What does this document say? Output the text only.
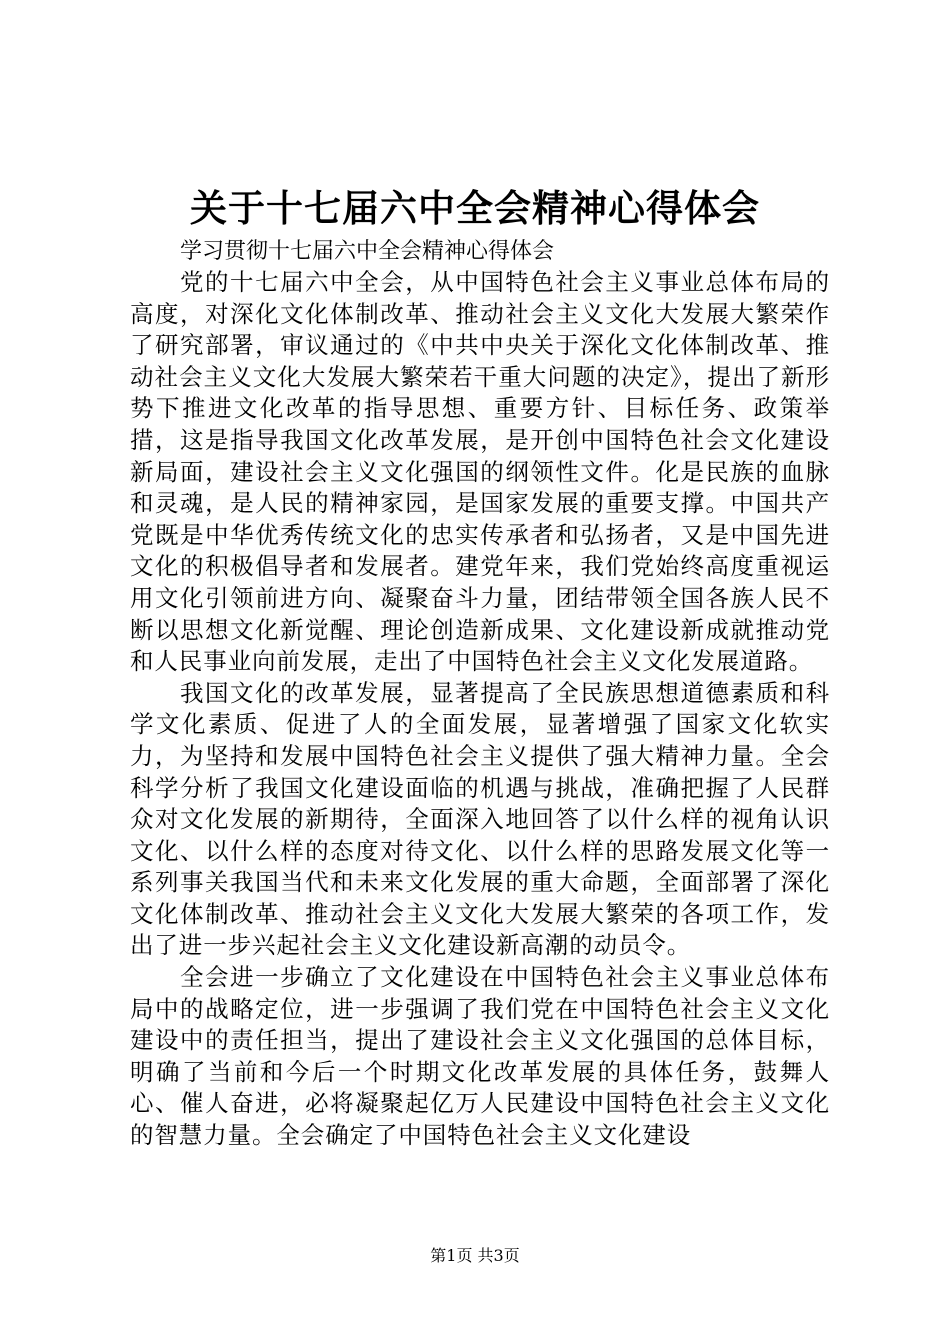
关于十七届六中全会精神心得体会

学习贯彻十七届六中全会精神心得体会

党的十七届六中全会，从中国特色社会主义事业总体布局的高度，对深化文化体制改革、推动社会主义文化大发展大繁荣作了研究部署，审议通过的《中共中央关于深化文化体制改革、推动社会主义文化大发展大繁荣若干重大问题的决定》，提出了新形势下推进文化改革的指导思想、重要方针、目标任务、政策举措，这是指导我国文化改革发展，是开创中国特色社会文化建设新局面，建设社会主义文化强国的纲领性文件。化是民族的血脉和灵魂，是人民的精神家园，是国家发展的重要支撑。中国共产党既是中华优秀传统文化的忠实传承者和弘扬者，又是中国先进文化的积极倡导者和发展者。建党年来，我们党始终高度重视运用文化引领前进方向、凝聚奋斗力量，团结带领全国各族人民不断以思想文化新觉醒、理论创造新成果、文化建设新成就推动党和人民事业向前发展，走出了中国特色社会主义文化发展道路。

我国文化的改革发展，显著提高了全民族思想道德素质和科学文化素质、促进了人的全面发展，显著增强了国家文化软实力，为坚持和发展中国特色社会主义提供了强大精神力量。全会科学分析了我国文化建设面临的机遇与挑战，准确把握了人民群众对文化发展的新期待，全面深入地回答了以什么样的视角认识文化、以什么样的态度对待文化、以什么样的思路发展文化等一系列事关我国当代和未来文化发展的重大命题，全面部署了深化文化体制改革、推动社会主义文化大发展大繁荣的各项工作，发出了进一步兴起社会主义文化建设新高潮的动员令。

全会进一步确立了文化建设在中国特色社会主义事业总体布局中的战略定位，进一步强调了我们党在中国特色社会主义文化建设中的责任担当，提出了建设社会主义文化强国的总体目标，明确了当前和今后一个时期文化改革发展的具体任务，鼓舞人心、催人奋进，必将凝聚起亿万人民建设中国特色社会主义文化的智慧力量。全会确定了中国特色社会主义文化建设

第1页 共3页
